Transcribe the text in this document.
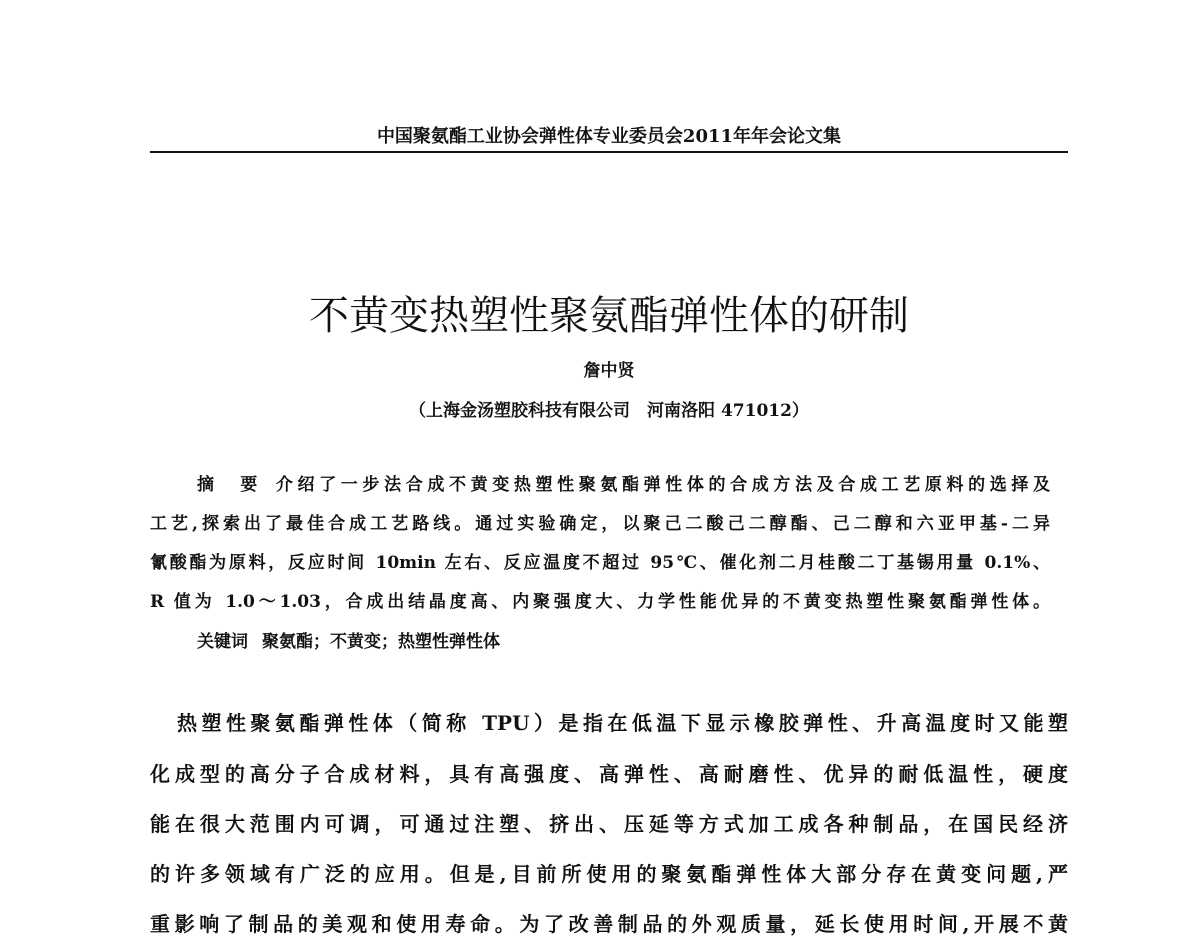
中国聚氨酯工业协会弹性体专业委员会2011年年会论文集
不黄变热塑性聚氨酯弹性体的研制
詹中贤
（上海金汤塑胶科技有限公司　河南洛阳 471012）
摘　要 介绍了一步法合成不黄变热塑性聚氨酯弹性体的合成方法及合成工艺原料的选择及
工艺,探索出了最佳合成工艺路线。通过实验确定，以聚己二酸己二醇酯、己二醇和六亚甲基-二异
氰酸酯为原料，反应时间 10min 左右、反应温度不超过 95℃、催化剂二月桂酸二丁基锡用量 0.1%、
R 值为 1.0～1.03，合成出结晶度高、内聚强度大、力学性能优异的不黄变热塑性聚氨酯弹性体。
关键词 聚氨酯；不黄变；热塑性弹性体
热塑性聚氨酯弹性体（简称 TPU）是指在低温下显示橡胶弹性、升高温度时又能塑
化成型的高分子合成材料，具有高强度、高弹性、高耐磨性、优异的耐低温性，硬度
能在很大范围内可调，可通过注塑、挤出、压延等方式加工成各种制品，在国民经济
的许多领域有广泛的应用。但是,目前所使用的聚氨酯弹性体大部分存在黄变问题,严
重影响了制品的美观和使用寿命。为了改善制品的外观质量，延长使用时间,开展不黄
